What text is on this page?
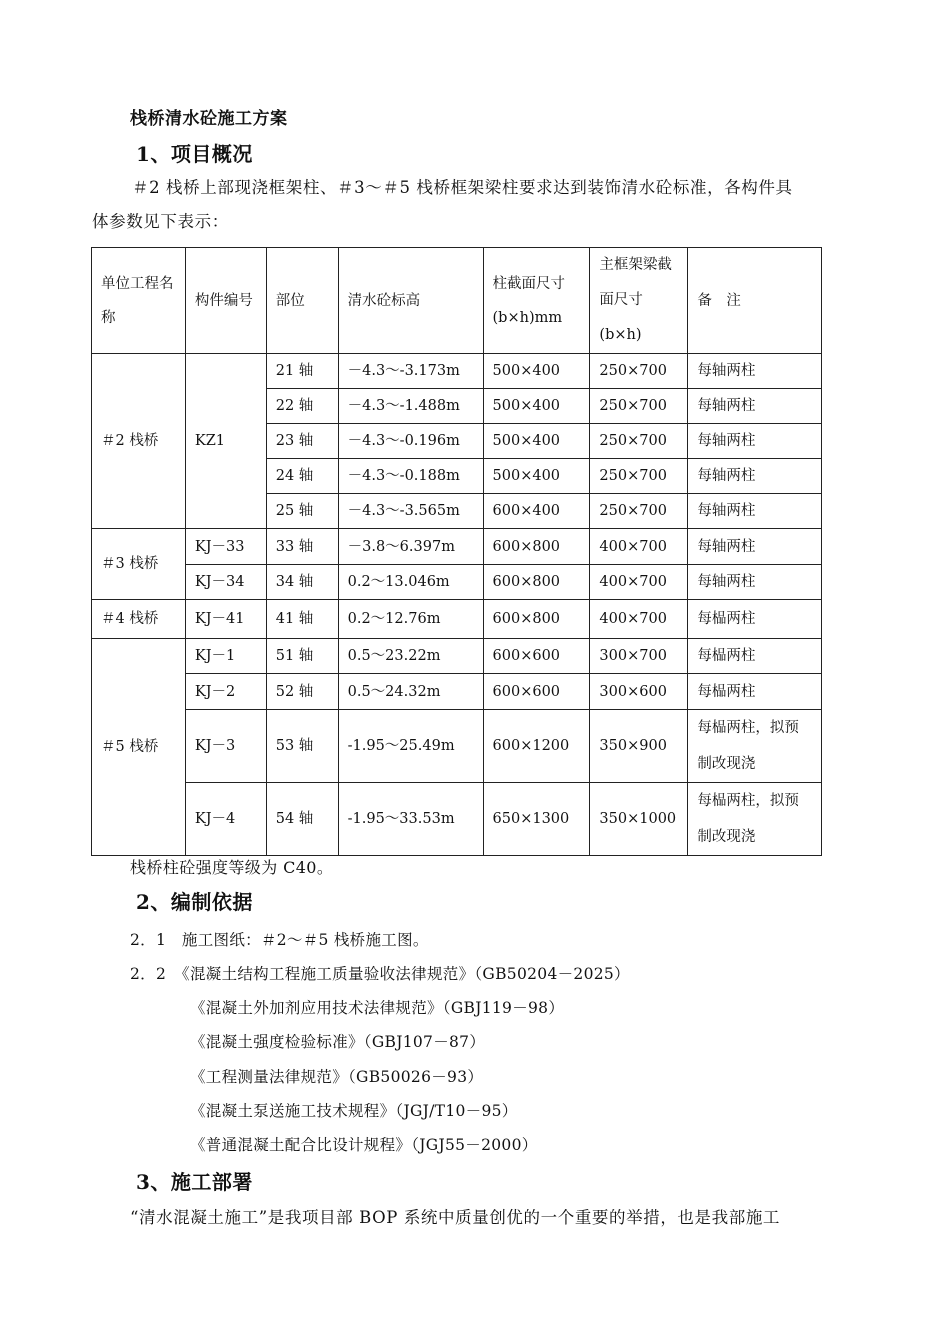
栈桥清水砼施工方案
1、项目概况
＃2 栈桥上部现浇框架柱、＃3～＃5 栈桥框架梁柱要求达到装饰清水砼标准，各构件具
体参数见下表示：
单位工程名称	构件编号	部位	清水砼标高	柱截面尺寸(b×h)mm	主框架梁截面尺寸(b×h)	备　注
＃2 栈桥	KZ1	21 轴	－4.3～-3.173m	500×400	250×700	每轴两柱
		22 轴	－4.3～-1.488m	500×400	250×700	每轴两柱
		23 轴	－4.3～-0.196m	500×400	250×700	每轴两柱
		24 轴	－4.3～-0.188m	500×400	250×700	每轴两柱
		25 轴	－4.3～-3.565m	600×400	250×700	每轴两柱
＃3 栈桥	KJ－33	33 轴	－3.8～6.397m	600×800	400×700	每轴两柱
	KJ－34	34 轴	0.2～13.046m	600×800	400×700	每轴两柱
＃4 栈桥	KJ－41	41 轴	0.2～12.76m	600×800	400×700	每榀两柱
＃5 栈桥	KJ－1	51 轴	0.5～23.22m	600×600	300×700	每榀两柱
	KJ－2	52 轴	0.5～24.32m	600×600	300×600	每榀两柱
	KJ－3	53 轴	-1.95～25.49m	600×1200	350×900	每榀两柱，拟预制改现浇
	KJ－4	54 轴	-1.95～33.53m	650×1300	350×1000	每榀两柱，拟预制改现浇
栈桥柱砼强度等级为 C40。
2、编制依据
2．1　施工图纸：＃2～＃5 栈桥施工图。
2．2　《混凝土结构工程施工质量验收法律规范》（GB50204－2025）
《混凝土外加剂应用技术法律规范》（GBJ119－98）
《混凝土强度检验标准》（GBJ107－87）
《工程测量法律规范》（GB50026－93）
《混凝土泵送施工技术规程》（JGJ/T10－95）
《普通混凝土配合比设计规程》（JGJ55－2000）
3、施工部署
“清水混凝土施工”是我项目部 BOP 系统中质量创优的一个重要的举措，也是我部施工
